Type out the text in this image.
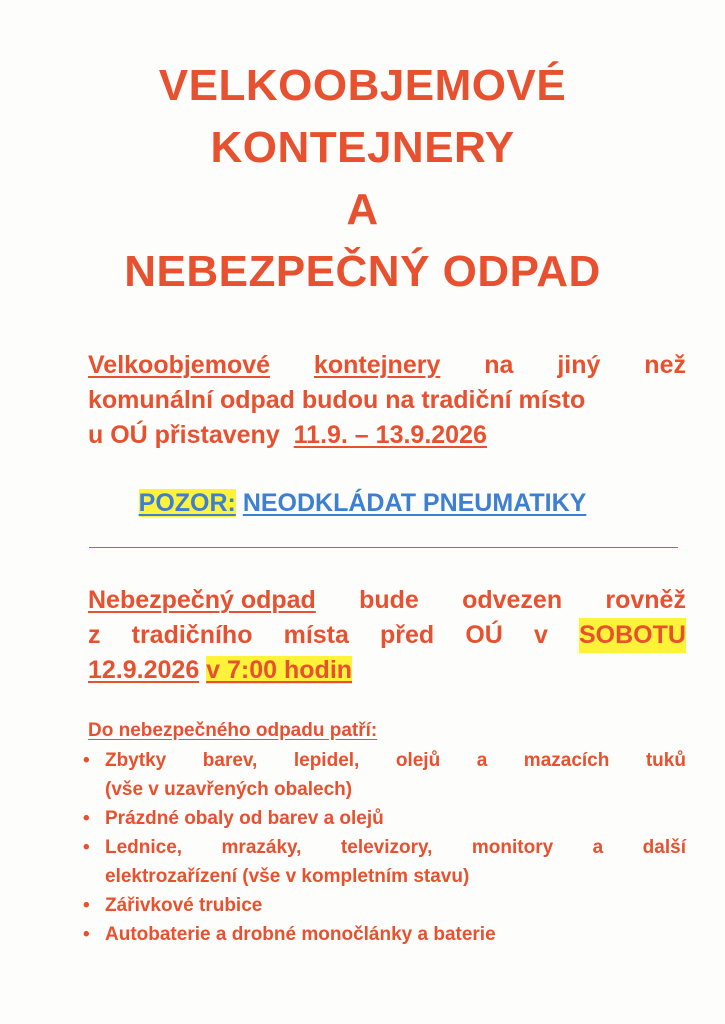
VELKOOBJEMOVÉ
KONTEJNERY
A
NEBEZPEČNÝ ODPAD
Velkoobjemové kontejnery na jiný než
komunální odpad budou na tradiční místo
u OÚ přistaveny 11.9. – 13.9.2026
POZOR: NEODKLÁDAT PNEUMATIKY
Nebezpečný odpad bude odvezen rovněž
z tradičního místa před OÚ v SOBOTU
12.9.2026 v 7:00 hodin
Do nebezpečného odpadu patří:
• Zbytky barev, lepidel, olejů a mazacích tuků
(vše v uzavřených obalech)
• Prázdné obaly od barev a olejů
• Lednice, mrazáky, televizory, monitory a další
elektrozařízení (vše v kompletním stavu)
• Zářivkové trubice
• Autobaterie a drobné monočlánky a baterie
